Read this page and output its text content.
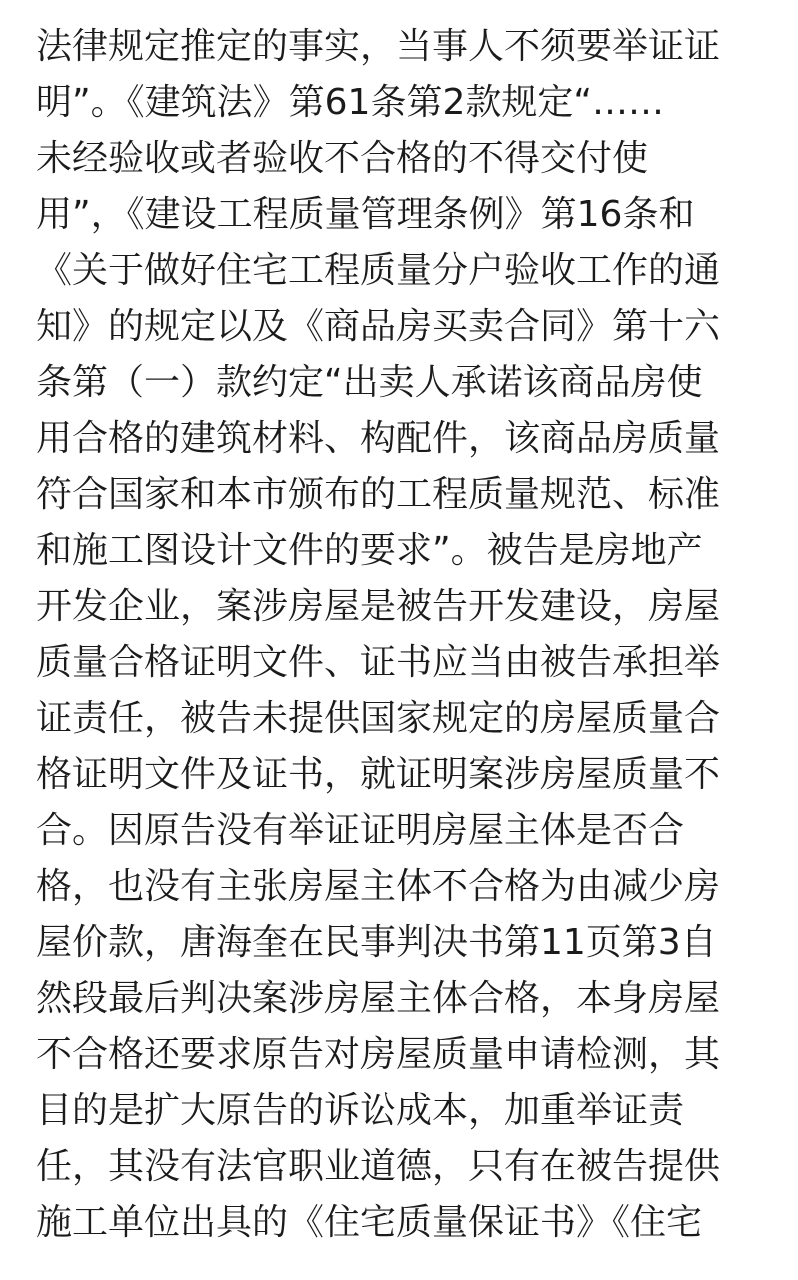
法律规定推定的事实，当事人不须要举证证
明”。《建筑法》第61条第2款规定“……
未经验收或者验收不合格的不得交付使
用”，《建设工程质量管理条例》第16条和
《关于做好住宅工程质量分户验收工作的通
知》的规定以及《商品房买卖合同》第十六
条第（一）款约定“出卖人承诺该商品房使
用合格的建筑材料、构配件，该商品房质量
符合国家和本市颁布的工程质量规范、标准
和施工图设计文件的要求”。被告是房地产
开发企业，案涉房屋是被告开发建设，房屋
质量合格证明文件、证书应当由被告承担举
证责任，被告未提供国家规定的房屋质量合
格证明文件及证书，就证明案涉房屋质量不
合。因原告没有举证证明房屋主体是否合
格，也没有主张房屋主体不合格为由减少房
屋价款，唐海奎在民事判决书第11页第3自
然段最后判决案涉房屋主体合格，本身房屋
不合格还要求原告对房屋质量申请检测，其
目的是扩大原告的诉讼成本，加重举证责
任，其没有法官职业道德，只有在被告提供
施工单位出具的《住宅质量保证书》《住宅
